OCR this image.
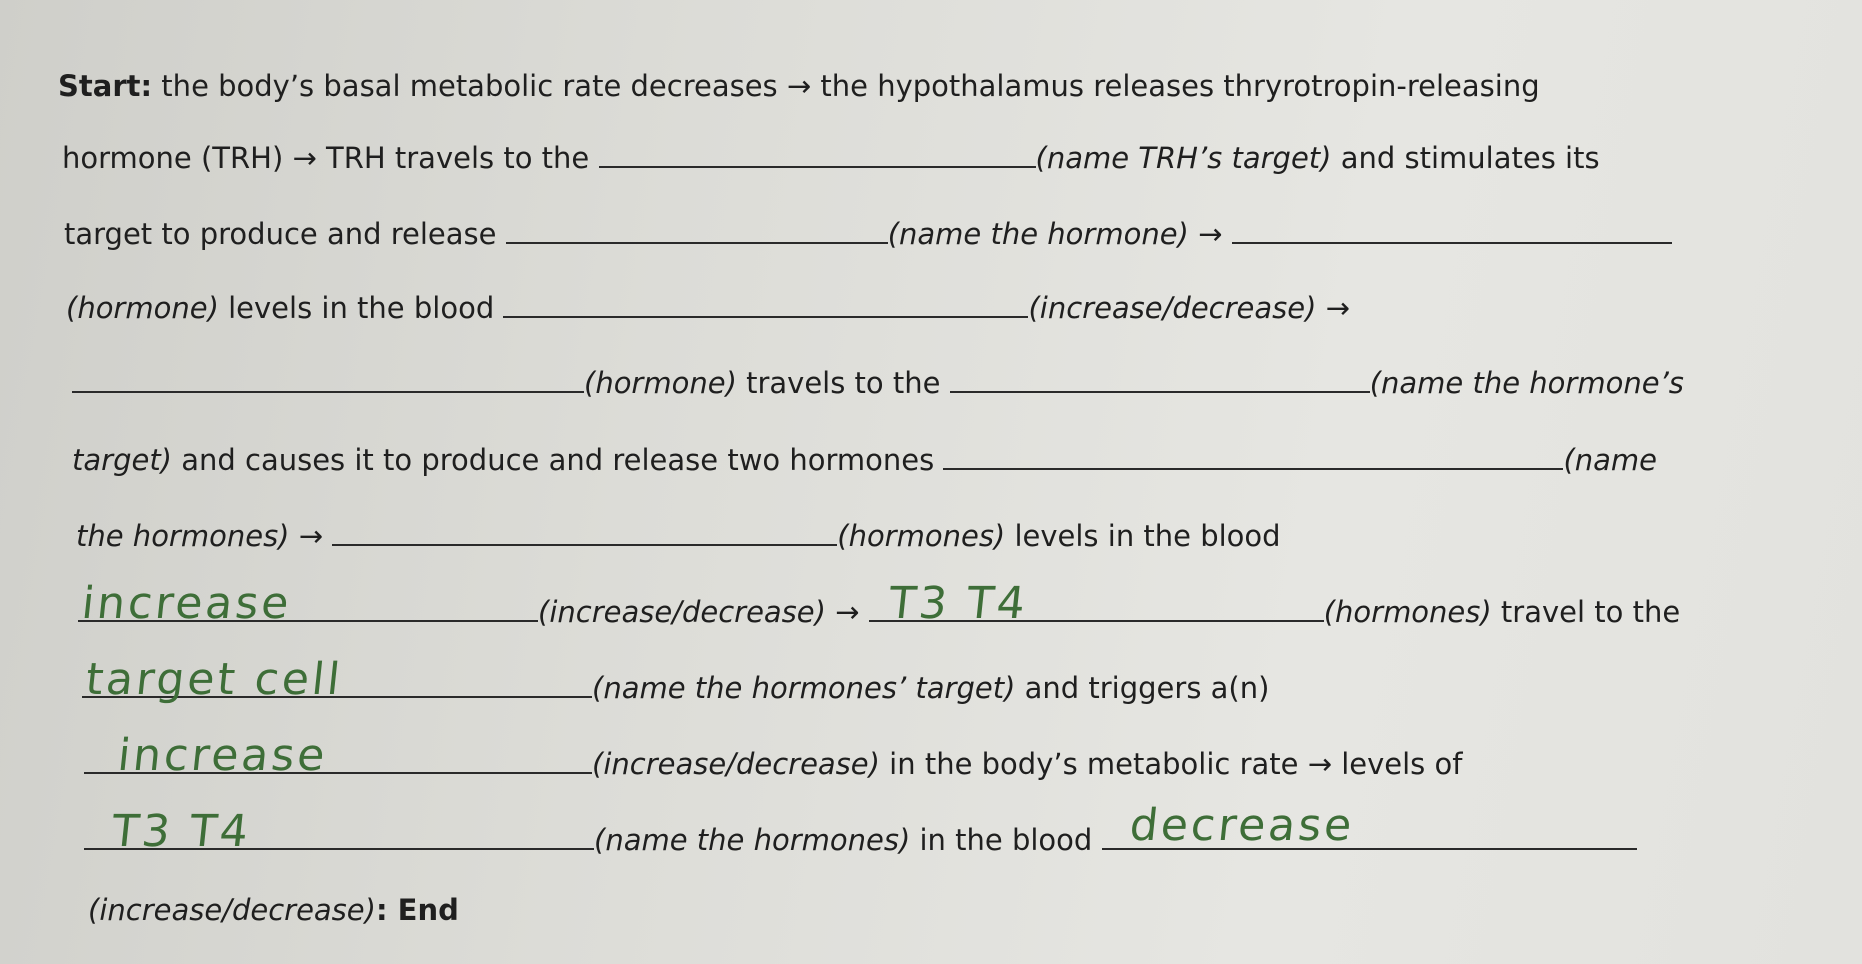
Start: the body’s basal metabolic rate decreases → the hypothalamus releases thryrotropin-releasing
hormone (TRH) → TRH travels to the	(name TRH’s target) and stimulates its
target to produce and release	(name the hormone) →
(hormone) levels in the blood	(increase/decrease) →
(hormone) travels to the	(name the hormone’s
target) and causes it to produce and release two hormones	(name
the hormones) →	(hormones) levels in the blood
increase	(increase/decrease) → T3 T4	(hormones) travel to the
target cell	(name the hormones’ target) and triggers a(n)
increase	(increase/decrease) in the body’s metabolic rate → levels of
T3 T4	(name the hormones) in the blood decrease
(increase/decrease): End
